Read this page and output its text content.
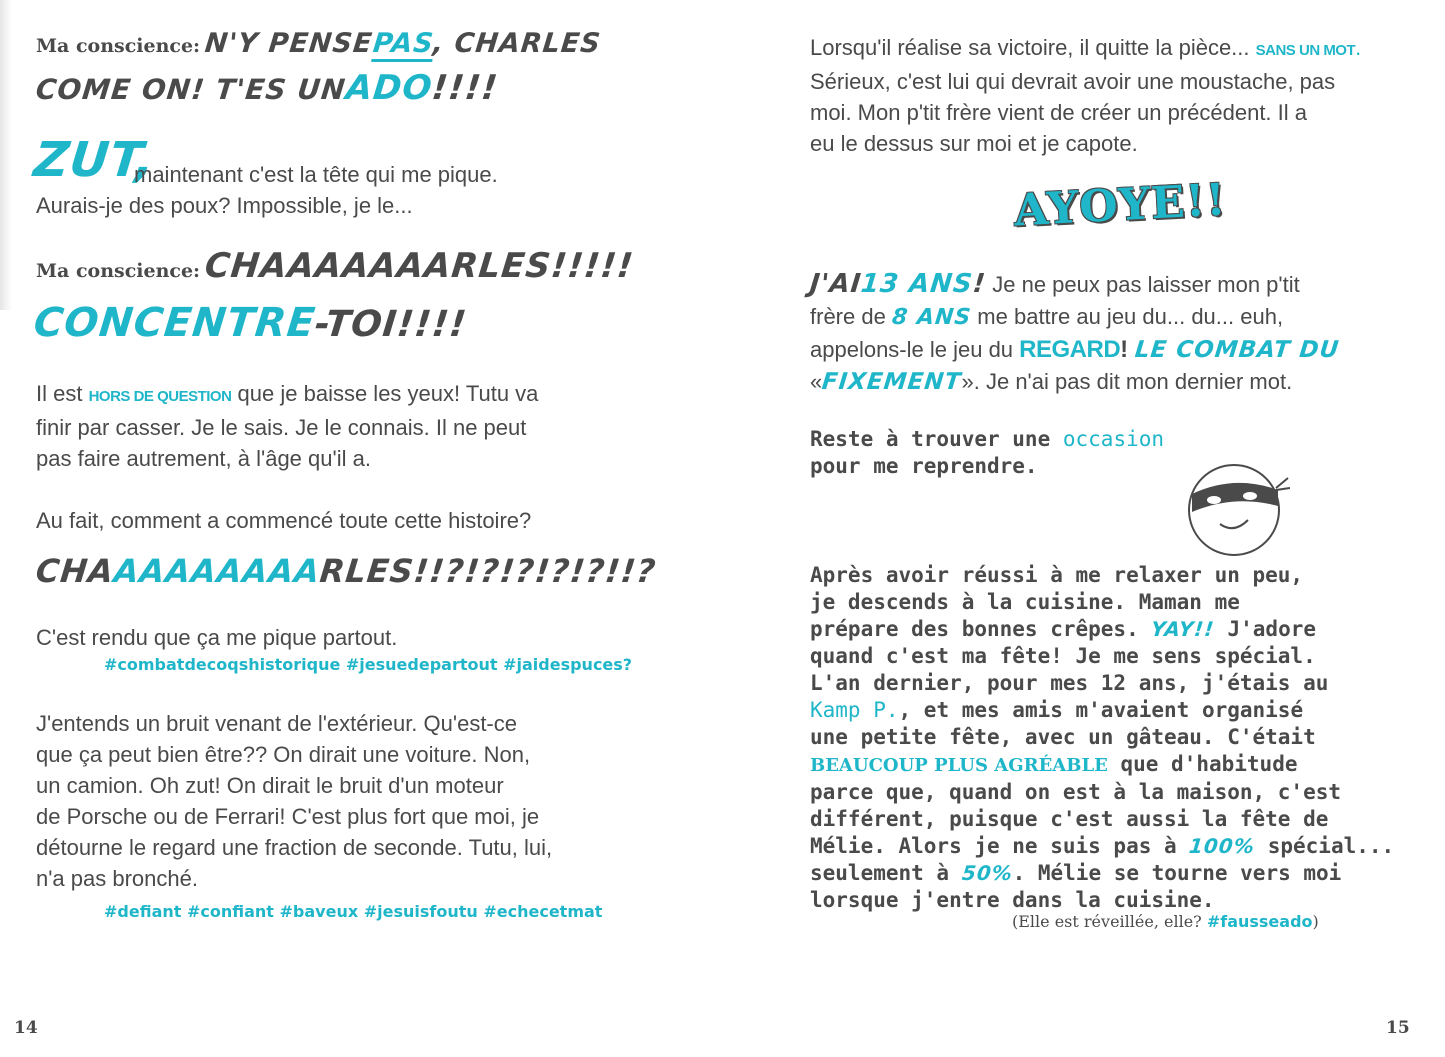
Ma conscience: N'Y PENSEPAS, CHARLES
COME ON! T'ES UNADO!!!!
ZUT,
maintenant c'est la tête qui me pique.
Aurais-je des poux? Impossible, je le...
Ma conscience: CHAAAAAAARLES!!!!!
CONCENTRE-TOI!!!!
Il est HORS DE QUESTION que je baisse les yeux! Tutu va
finir par casser. Je le sais. Je le connais. Il ne peut
pas faire autrement, à l'âge qu'il a.
Au fait, comment a commencé toute cette histoire?
CHAAAAAAAAARLES!!?!?!?!?!?!!?
C'est rendu que ça me pique partout.
#combatdecoqshistorique #jesuedepartout #jaidespuces?
J'entends un bruit venant de l'extérieur. Qu'est-ce
que ça peut bien être?? On dirait une voiture. Non,
un camion. Oh zut! On dirait le bruit d'un moteur
de Porsche ou de Ferrari! C'est plus fort que moi, je
détourne le regard une fraction de seconde. Tutu, lui,
n'a pas bronché.
#defiant #confiant #baveux #jesuisfoutu #echecetmat
14
Lorsqu'il réalise sa victoire, il quitte la pièce... SANS UN MOT.
Sérieux, c'est lui qui devrait avoir une moustache, pas
moi. Mon p'tit frère vient de créer un précédent. Il a
eu le dessus sur moi et je capote.
AYOYE!!
J'AI13 ANS! Je ne peux pas laisser mon p'tit
frère de 8 ANS me battre au jeu du... du... euh,
appelons-le le jeu du REGARD! LE COMBAT DU
«FIXEMENT». Je n'ai pas dit mon dernier mot.
Reste à trouver une occasion
pour me reprendre.
Après avoir réussi à me relaxer un peu,
je descends à la cuisine. Maman me
prépare des bonnes crêpes. YAY!! J'adore
quand c'est ma fête! Je me sens spécial.
L'an dernier, pour mes 12 ans, j'étais au
Kamp P., et mes amis m'avaient organisé
une petite fête, avec un gâteau. C'était
BEAUCOUP PLUS AGRÉABLE que d'habitude
parce que, quand on est à la maison, c'est
différent, puisque c'est aussi la fête de
Mélie. Alors je ne suis pas à 100% spécial...
seulement à 50%. Mélie se tourne vers moi
lorsque j'entre dans la cuisine.
(Elle est réveillée, elle? #fausseado)
15
